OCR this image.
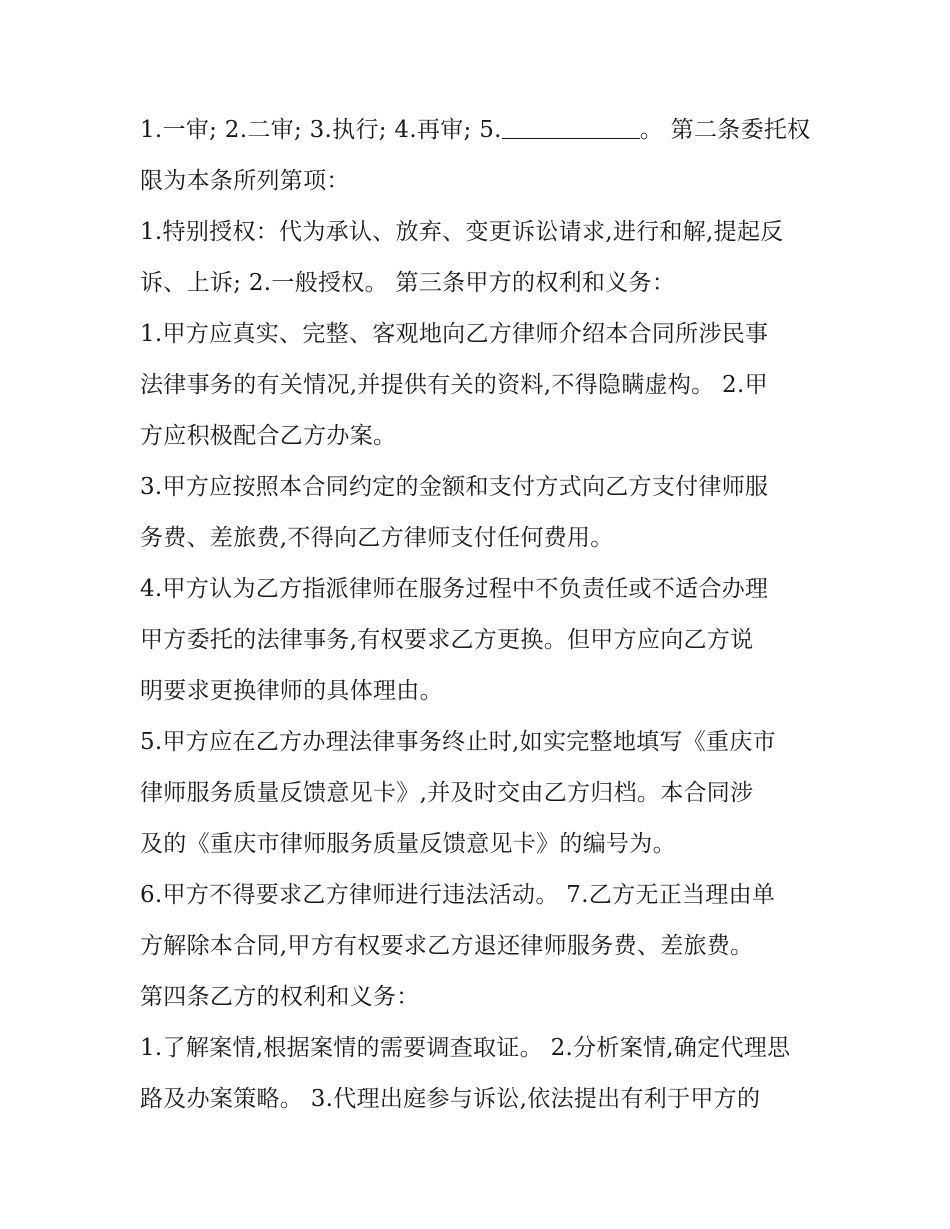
1.一审; 2.二审; 3.执行; 4.再审; 5.	。 第二条委托权
限为本条所列第项：
1.特别授权：代为承认、放弃、变更诉讼请求,进行和解,提起反
诉、上诉; 2.一般授权。 第三条甲方的权利和义务：
1.甲方应真实、完整、客观地向乙方律师介绍本合同所涉民事
法律事务的有关情况,并提供有关的资料,不得隐瞒虚构。 2.甲
方应积极配合乙方办案。
3.甲方应按照本合同约定的金额和支付方式向乙方支付律师服
务费、差旅费,不得向乙方律师支付任何费用。
4.甲方认为乙方指派律师在服务过程中不负责任或不适合办理
甲方委托的法律事务,有权要求乙方更换。但甲方应向乙方说
明要求更换律师的具体理由。
5.甲方应在乙方办理法律事务终止时,如实完整地填写《重庆市
律师服务质量反馈意见卡》,并及时交由乙方归档。本合同涉
及的《重庆市律师服务质量反馈意见卡》的编号为。
6.甲方不得要求乙方律师进行违法活动。 7.乙方无正当理由单
方解除本合同,甲方有权要求乙方退还律师服务费、差旅费。
第四条乙方的权利和义务：
1.了解案情,根据案情的需要调查取证。 2.分析案情,确定代理思
路及办案策略。 3.代理出庭参与诉讼,依法提出有利于甲方的
